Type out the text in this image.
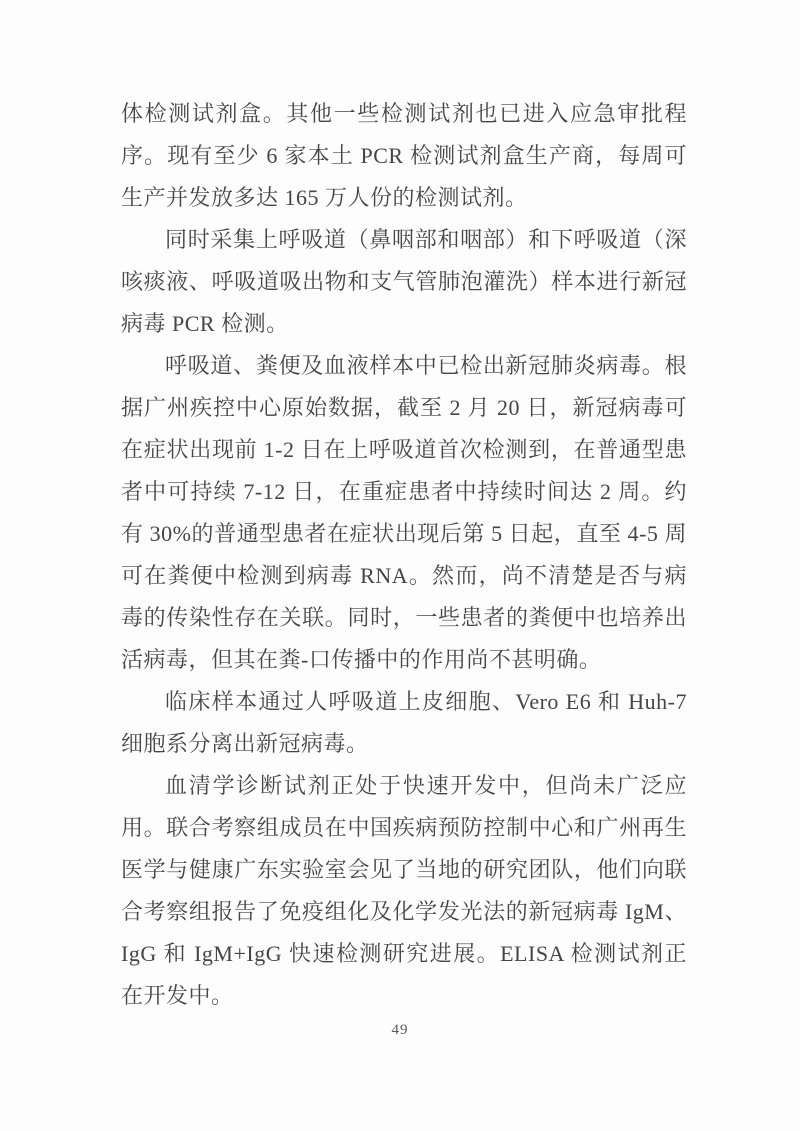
体检测试剂盒。其他一些检测试剂也已进入应急审批程序。现有至少 6 家本土 PCR 检测试剂盒生产商，每周可生产并发放多达 165 万人份的检测试剂。

同时采集上呼吸道（鼻咽部和咽部）和下呼吸道（深咳痰液、呼吸道吸出物和支气管肺泡灌洗）样本进行新冠病毒 PCR 检测。

呼吸道、粪便及血液样本中已检出新冠肺炎病毒。根据广州疾控中心原始数据，截至 2 月 20 日，新冠病毒可在症状出现前 1-2 日在上呼吸道首次检测到，在普通型患者中可持续 7-12 日，在重症患者中持续时间达 2 周。约有 30%的普通型患者在症状出现后第 5 日起，直至 4-5 周可在粪便中检测到病毒 RNA。然而，尚不清楚是否与病毒的传染性存在关联。同时，一些患者的粪便中也培养出活病毒，但其在粪-口传播中的作用尚不甚明确。

临床样本通过人呼吸道上皮细胞、Vero E6 和 Huh-7 细胞系分离出新冠病毒。

血清学诊断试剂正处于快速开发中，但尚未广泛应用。联合考察组成员在中国疾病预防控制中心和广州再生医学与健康广东实验室会见了当地的研究团队，他们向联合考察组报告了免疫组化及化学发光法的新冠病毒 IgM、IgG 和 IgM+IgG 快速检测研究进展。ELISA 检测试剂正在开发中。

49
